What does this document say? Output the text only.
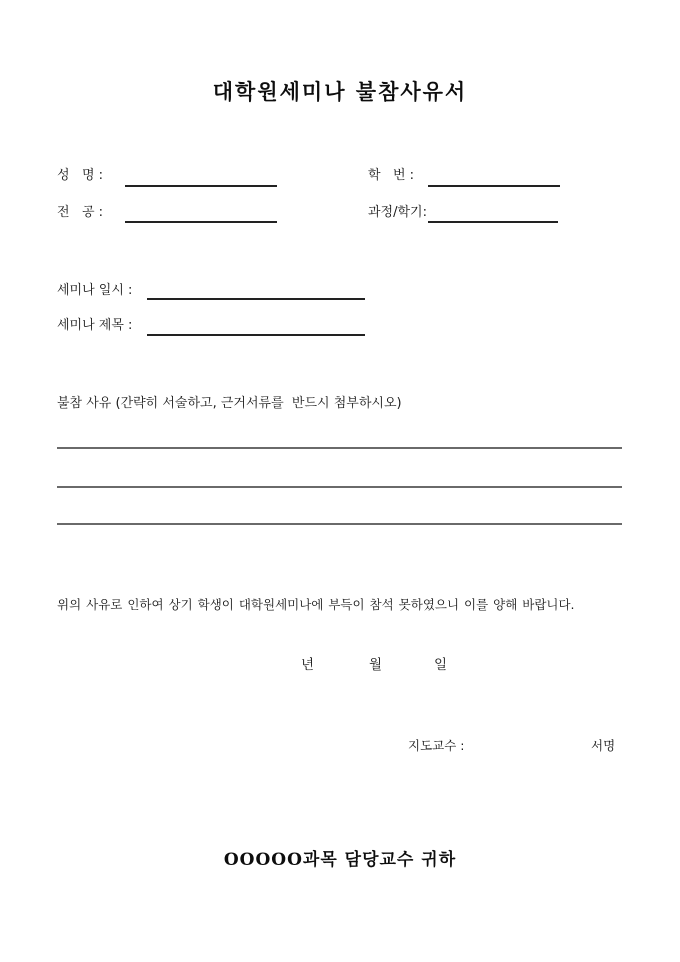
대학원세미나 불참사유서
성   명 :	학   번 :
전   공 :	과정/학기:
세미나 일시 :
세미나 제목 :
불참 사유 (간략히 서술하고, 근거서류를  반드시 첨부하시오)

위의 사유로 인하여 상기 학생이 대학원세미나에 부득이 참석 못하였으니 이를 양해 바랍니다.

년	월	일
지도교수 :	서명
OOOOO과목 담당교수 귀하
